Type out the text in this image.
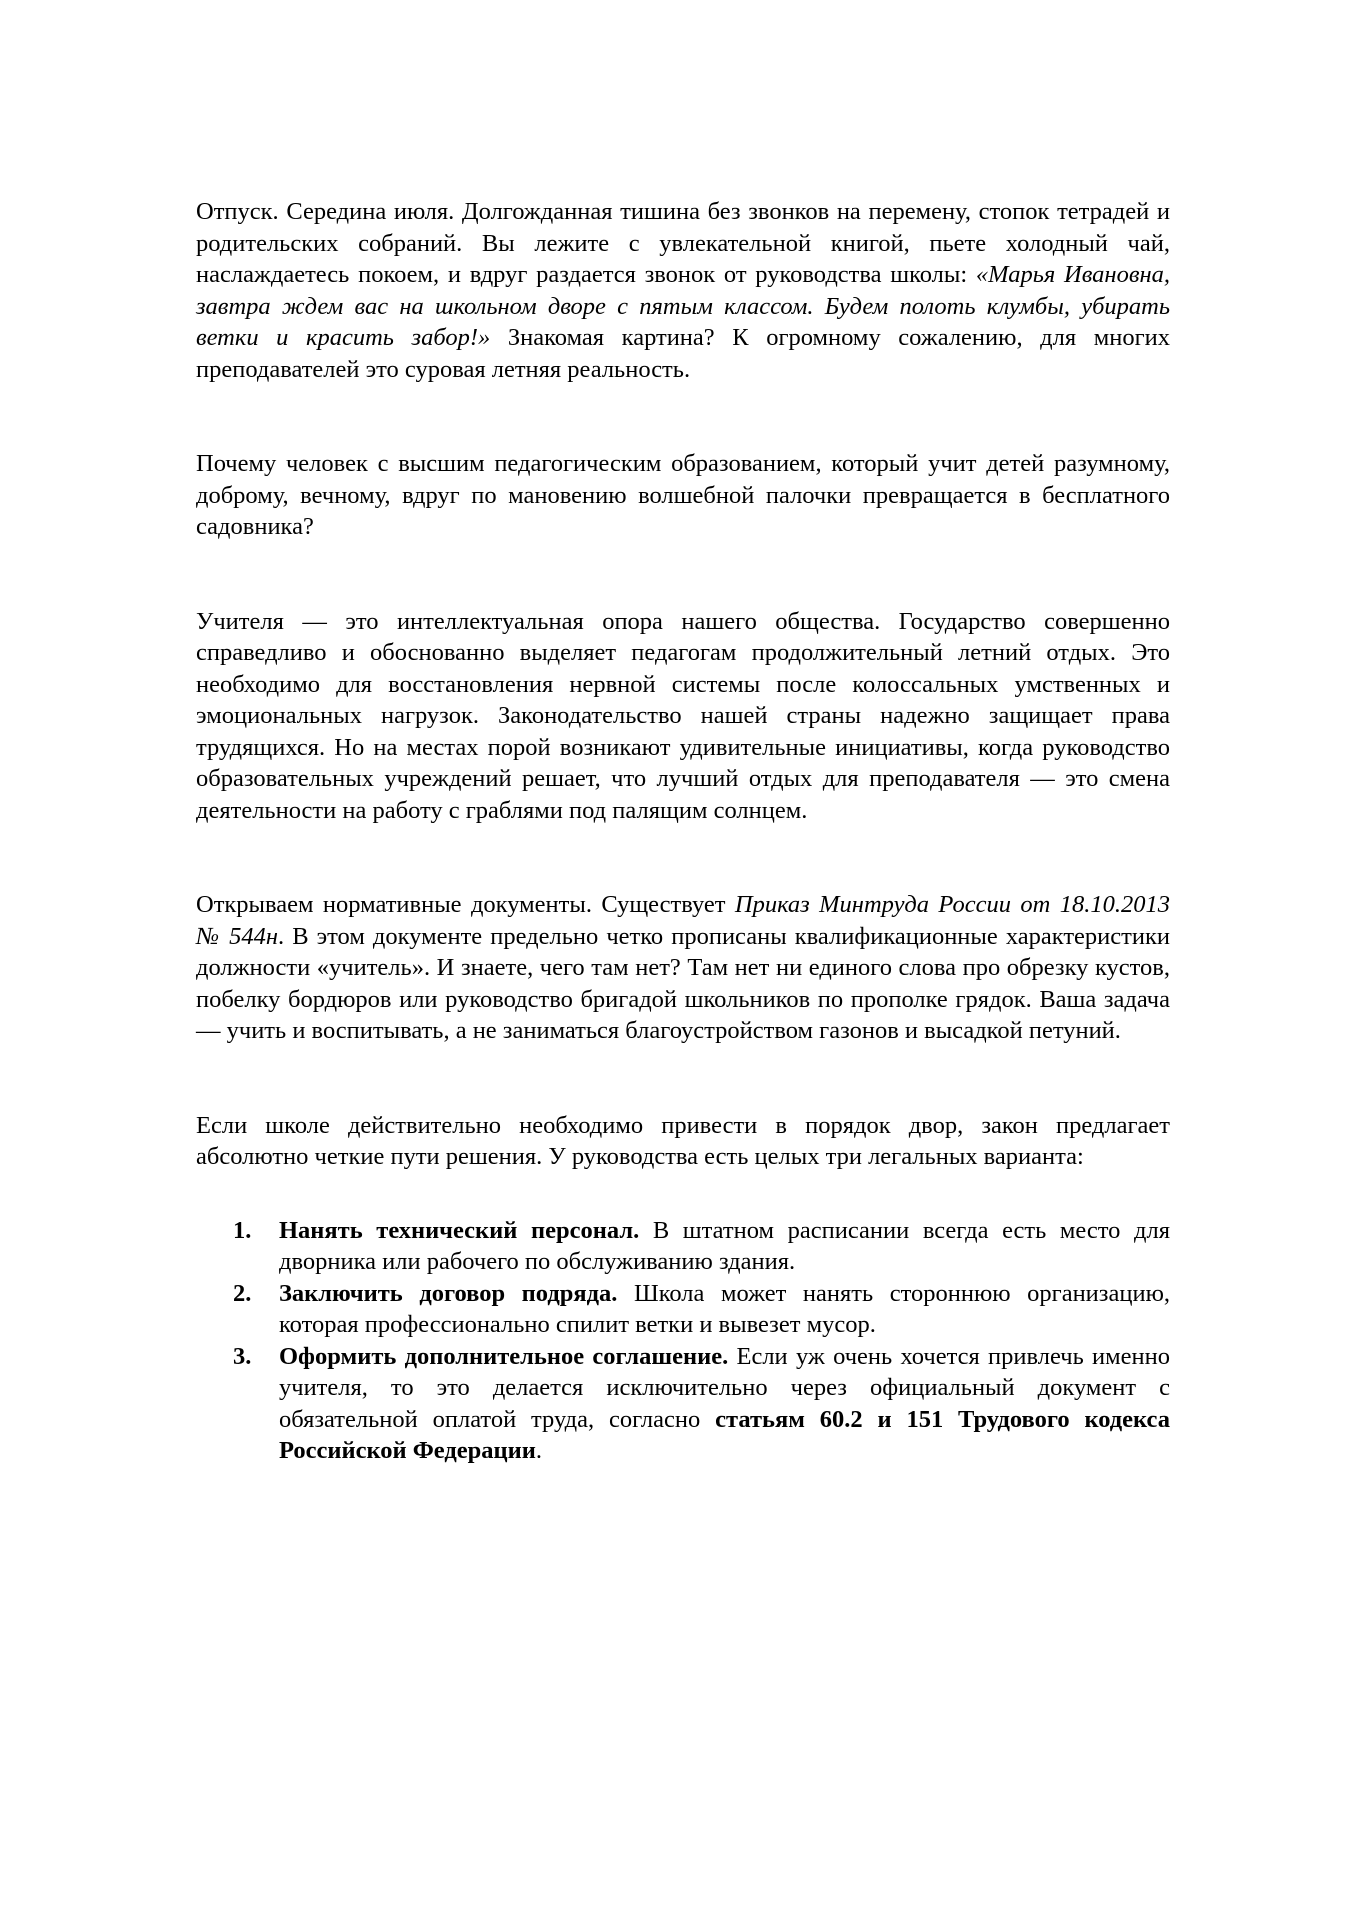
Отпуск. Середина июля. Долгожданная тишина без звонков на перемену, стопок тетрадей и родительских собраний. Вы лежите с увлекательной книгой, пьете холодный чай, наслаждаетесь покоем, и вдруг раздается звонок от руководства школы: «Марья Ивановна, завтра ждем вас на школьном дворе с пятым классом. Будем полоть клумбы, убирать ветки и красить забор!» Знакомая картина? К огромному сожалению, для многих преподавателей это суровая летняя реальность.

Почему человек с высшим педагогическим образованием, который учит детей разумному, доброму, вечному, вдруг по мановению волшебной палочки превращается в бесплатного садовника?

Учителя — это интеллектуальная опора нашего общества. Государство совершенно справедливо и обоснованно выделяет педагогам продолжительный летний отдых. Это необходимо для восстановления нервной системы после колоссальных умственных и эмоциональных нагрузок. Законодательство нашей страны надежно защищает права трудящихся. Но на местах порой возникают удивительные инициативы, когда руководство образовательных учреждений решает, что лучший отдых для преподавателя — это смена деятельности на работу с граблями под палящим солнцем.

Открываем нормативные документы. Существует Приказ Минтруда России от 18.10.2013 № 544н. В этом документе предельно четко прописаны квалификационные характеристики должности «учитель». И знаете, чего там нет? Там нет ни единого слова про обрезку кустов, побелку бордюров или руководство бригадой школьников по прополке грядок. Ваша задача — учить и воспитывать, а не заниматься благоустройством газонов и высадкой петуний.

Если школе действительно необходимо привести в порядок двор, закон предлагает абсолютно четкие пути решения. У руководства есть целых три легальных варианта:

1. Нанять технический персонал. В штатном расписании всегда есть место для дворника или рабочего по обслуживанию здания.
2. Заключить договор подряда. Школа может нанять стороннюю организацию, которая профессионально спилит ветки и вывезет мусор.
3. Оформить дополнительное соглашение. Если уж очень хочется привлечь именно учителя, то это делается исключительно через официальный документ с обязательной оплатой труда, согласно статьям 60.2 и 151 Трудового кодекса Российской Федерации.
